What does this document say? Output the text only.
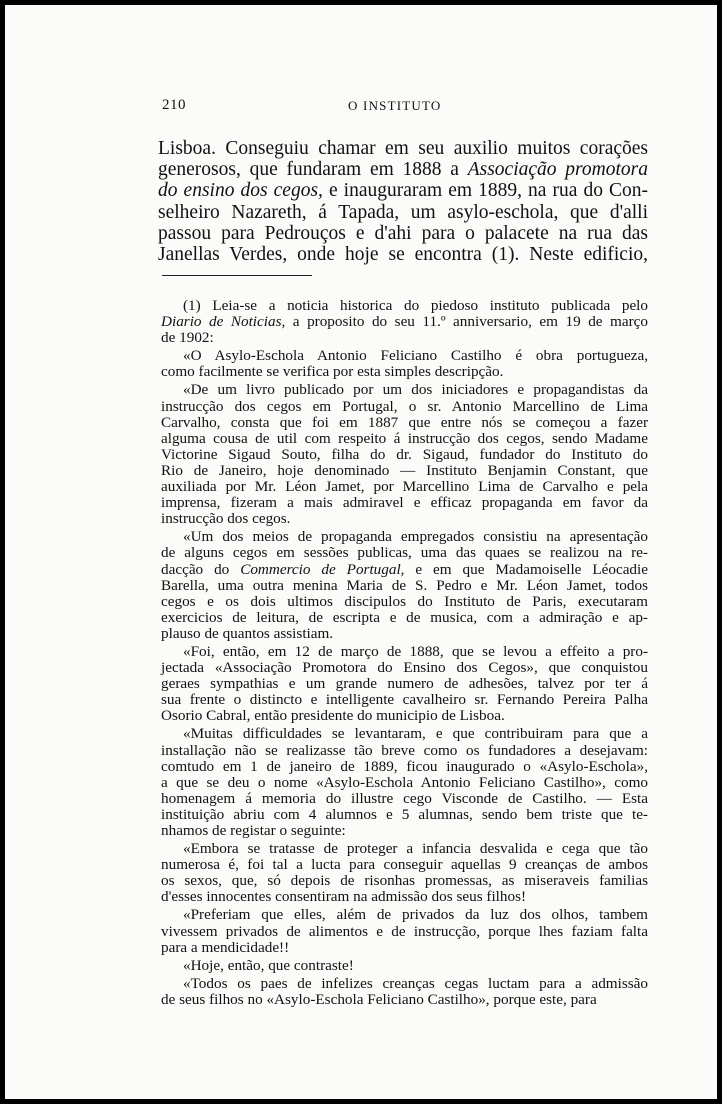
210	O INSTITUTO
Lisboa. Conseguiu chamar em seu auxilio muitos corações
generosos, que fundaram em 1888 a Associação promotora
do ensino dos cegos, e inauguraram em 1889, na rua do Con-
selheiro Nazareth, á Tapada, um asylo-eschola, que d'alli
passou para Pedrouços e d'ahi para o palacete na rua das
Janellas Verdes, onde hoje se encontra (1). Neste edificio,
(1) Leia-se a noticia historica do piedoso instituto publicada pelo
Diario de Noticias, a proposito do seu 11.º anniversario, em 19 de março
de 1902:
«O Asylo-Eschola Antonio Feliciano Castilho é obra portugueza,
como facilmente se verifica por esta simples descripção.
«De um livro publicado por um dos iniciadores e propagandistas da
instrucção dos cegos em Portugal, o sr. Antonio Marcellino de Lima
Carvalho, consta que foi em 1887 que entre nós se começou a fazer
alguma cousa de util com respeito á instrucção dos cegos, sendo Madame
Victorine Sigaud Souto, filha do dr. Sigaud, fundador do Instituto do
Rio de Janeiro, hoje denominado — Instituto Benjamin Constant, que
auxiliada por Mr. Léon Jamet, por Marcellino Lima de Carvalho e pela
imprensa, fizeram a mais admiravel e efficaz propaganda em favor da
instrucção dos cegos.
«Um dos meios de propaganda empregados consistiu na apresentação
de alguns cegos em sessões publicas, uma das quaes se realizou na re-
dacção do Commercio de Portugal, e em que Madamoiselle Léocadie
Barella, uma outra menina Maria de S. Pedro e Mr. Léon Jamet, todos
cegos e os dois ultimos discipulos do Instituto de Paris, executaram
exercicios de leitura, de escripta e de musica, com a admiração e ap-
plauso de quantos assistiam.
«Foi, então, em 12 de março de 1888, que se levou a effeito a pro-
jectada «Associação Promotora do Ensino dos Cegos», que conquistou
geraes sympathias e um grande numero de adhesões, talvez por ter á
sua frente o distincto e intelligente cavalheiro sr. Fernando Pereira Palha
Osorio Cabral, então presidente do municipio de Lisboa.
«Muitas difficuldades se levantaram, e que contribuiram para que a
installação não se realizasse tão breve como os fundadores a desejavam:
comtudo em 1 de janeiro de 1889, ficou inaugurado o «Asylo-Eschola»,
a que se deu o nome «Asylo-Eschola Antonio Feliciano Castilho», como
homenagem á memoria do illustre cego Visconde de Castilho. — Esta
instituição abriu com 4 alumnos e 5 alumnas, sendo bem triste que te-
nhamos de registar o seguinte:
«Embora se tratasse de proteger a infancia desvalida e cega que tão
numerosa é, foi tal a lucta para conseguir aquellas 9 creanças de ambos
os sexos, que, só depois de risonhas promessas, as miseraveis familias
d'esses innocentes consentiram na admissão dos seus filhos!
«Preferiam que elles, além de privados da luz dos olhos, tambem
vivessem privados de alimentos e de instrucção, porque lhes faziam falta
para a mendicidade!!
«Hoje, então, que contraste!
«Todos os paes de infelizes creanças cegas luctam para a admissão
de seus filhos no «Asylo-Eschola Feliciano Castilho», porque este, para
